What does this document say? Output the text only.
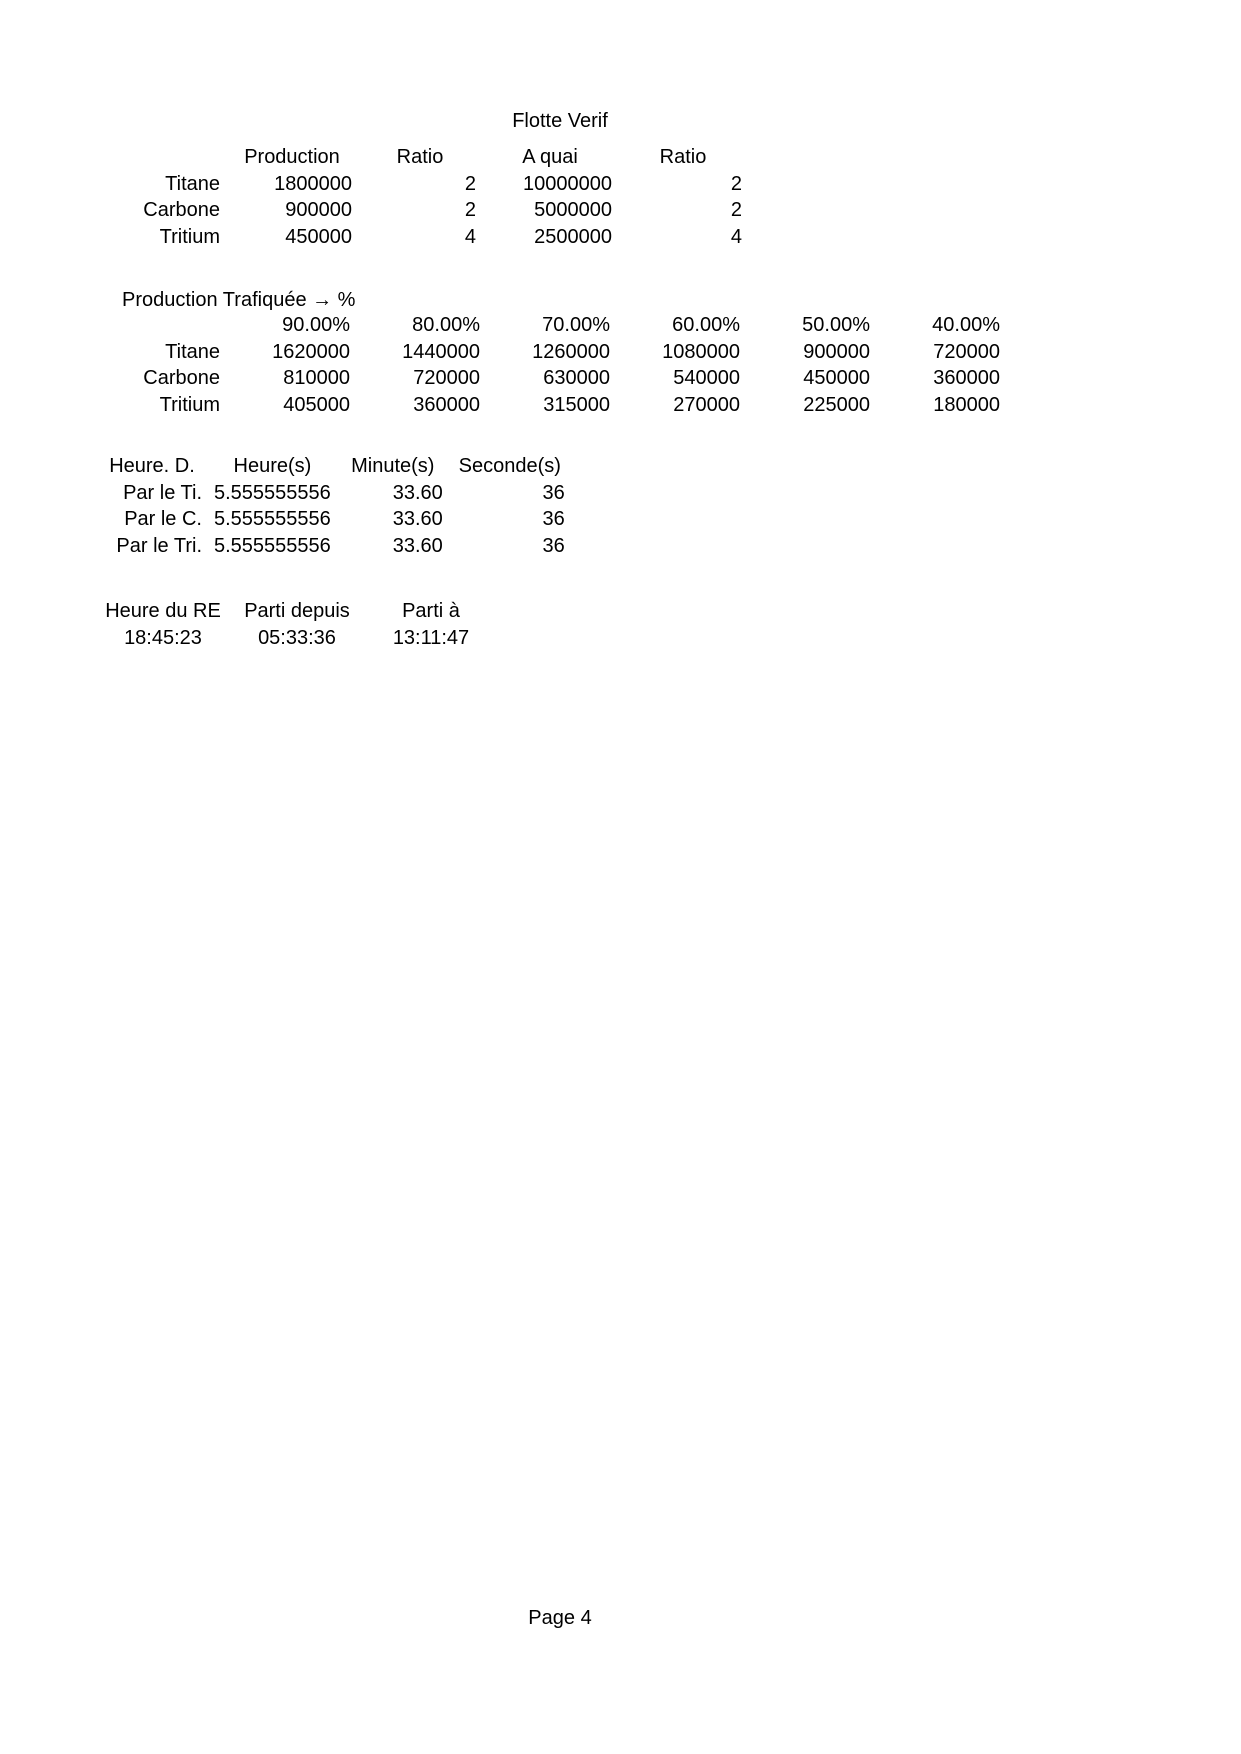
Flotte Verif
	Production	Ratio	A quai	Ratio
Titane	1800000	2	10000000	2
Carbone	900000	2	5000000	2
Tritium	450000	4	2500000	4
Production Trafiquée → %
	90.00%	80.00%	70.00%	60.00%	50.00%	40.00%
Titane	1620000	1440000	1260000	1080000	900000	720000
Carbone	810000	720000	630000	540000	450000	360000
Tritium	405000	360000	315000	270000	225000	180000
Heure. D.	Heure(s)	Minute(s)	Seconde(s)
Par le Ti.	5.555555556	33.60	36
Par le C.	5.555555556	33.60	36
Par le Tri.	5.555555556	33.60	36
Heure du RE	Parti depuis	Parti à
18:45:23	05:33:36	13:11:47
Page 4
